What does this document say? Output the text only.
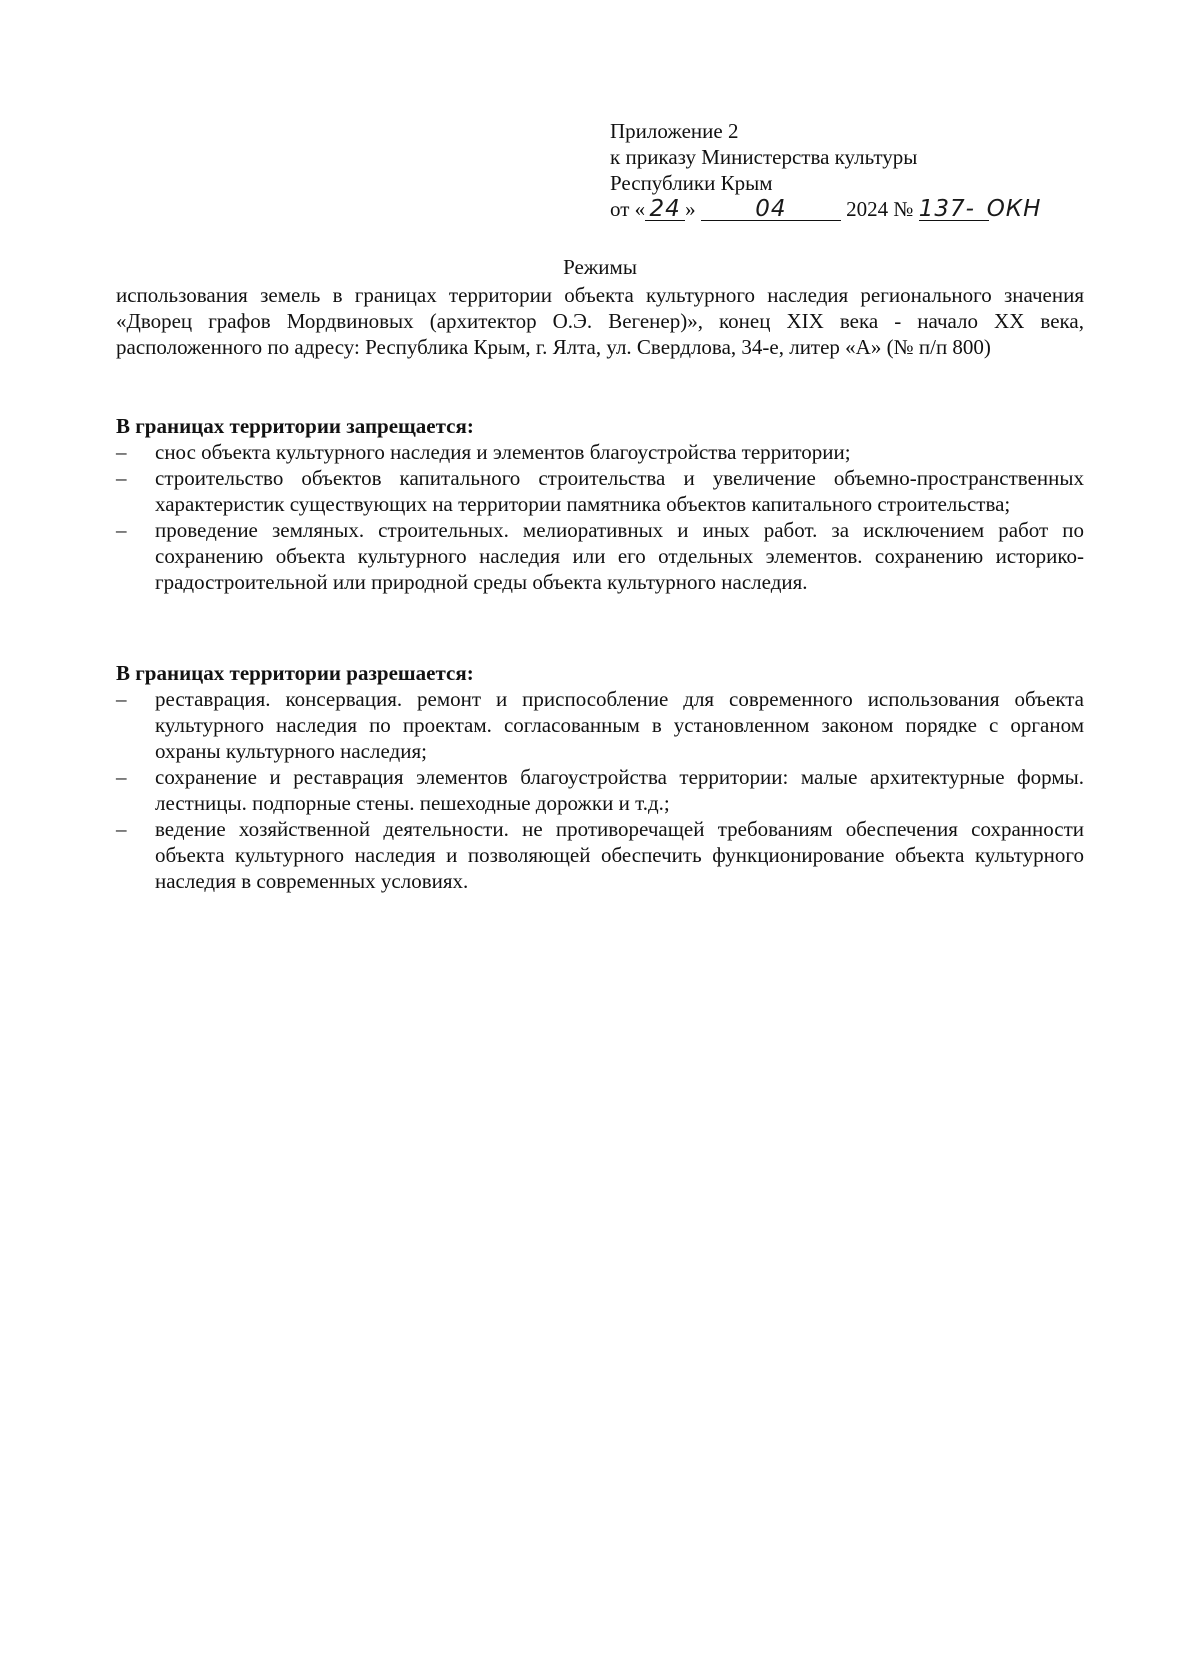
Приложение 2
к приказу Министерства культуры
Республики Крым
от « 24 »	04	2024 № 137- ОКН
Режимы
использования земель в границах территории объекта культурного наследия регионального значения «Дворец графов Мордвиновых (архитектор О.Э. Вегенер)», конец XIX века - начало XX века, расположенного по адресу: Республика Крым, г. Ялта, ул. Свердлова, 34-е, литер «А» (№ п/п 800)
В границах территории запрещается:
– снос объекта культурного наследия и элементов благоустройства территории;
– строительство объектов капитального строительства и увеличение объемно-пространственных характеристик существующих на территории памятника объектов капитального строительства;
– проведение земляных. строительных. мелиоративных и иных работ. за исключением работ по сохранению объекта культурного наследия или его отдельных элементов. сохранению историко-градостроительной или природной среды объекта культурного наследия.
В границах территории разрешается:
– реставрация. консервация. ремонт и приспособление для современного использования объекта культурного наследия по проектам. согласованным в установленном законом порядке с органом охраны культурного наследия;
– сохранение и реставрация элементов благоустройства территории: малые архитектурные формы. лестницы. подпорные стены. пешеходные дорожки и т.д.;
– ведение хозяйственной деятельности. не противоречащей требованиям обеспечения сохранности объекта культурного наследия и позволяющей обеспечить функционирование объекта культурного наследия в современных условиях.
